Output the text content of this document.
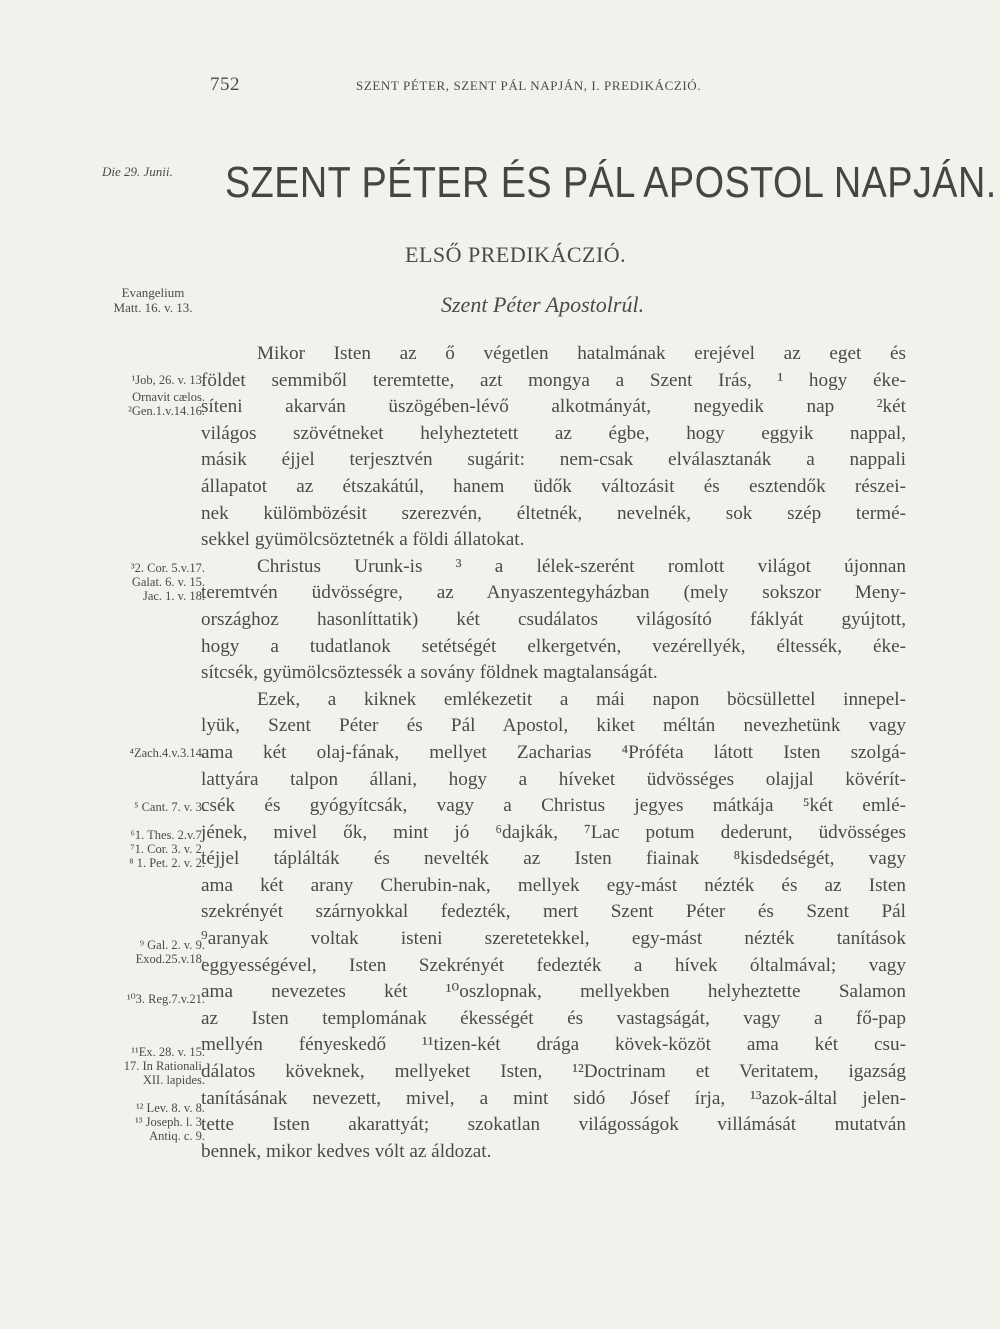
752	SZENT PÉTER, SZENT PÁL NAPJÁN, I. PREDIKÁCZIÓ.
Die 29. Junii. SZENT PÉTER ÉS PÁL APOSTOL NAPJÁN.
ELSŐ PREDIKÁCZIÓ.
Szent Péter Apostolrúl.
Evangelium
Matt. 16. v. 13.
¹Job, 26. v. 13.
Ornavit cælos.
²Gen.1.v.14.16.
³2. Cor. 5.v.17.
Galat. 6. v. 15.
Jac. 1. v. 18.
⁴Zach.4.v.3.14.
⁵ Cant. 7. v. 3.
⁶1. Thes. 2.v.7.
⁷1. Cor. 3. v. 2.
⁸ 1. Pet. 2. v. 2.
⁹ Gal. 2. v. 9.
Exod.25.v.18.
¹⁰3. Reg.7.v.21.
¹¹Ex. 28. v. 15.
17. In Rationali,
XII. lapides.
¹² Lev. 8. v. 8.
¹³ Joseph. l. 3.
Antiq. c. 9.
Mikor Isten az ő végetlen hatalmának erejével az eget és
földet semmiből teremtette, azt mongya a Szent Irás, ¹ hogy éke-
síteni akarván üszögében-lévő alkotmányát, negyedik nap ²két
világos szövétneket helyheztetett az égbe, hogy eggyik nappal,
másik éjjel terjesztvén sugárit: nem-csak elválasztanák a nappali
állapatot az étszakátúl, hanem üdők változásit és esztendők részei-
nek külömbözésit szerezvén, éltetnék, nevelnék, sok szép termé-
sekkel gyümölcsöztetnék a földi állatokat.
Christus Urunk-is ³ a lélek-szerént romlott világot újonnan
teremtvén üdvösségre, az Anyaszentegyházban (mely sokszor Meny-
országhoz hasonlíttatik) két csudálatos világosító fáklyát gyújtott,
hogy a tudatlanok setétségét elkergetvén, vezérellyék, éltessék, éke-
sítcsék, gyümölcsöztessék a sovány földnek magtalanságát.
Ezek, a kiknek emlékezetit a mái napon böcsüllettel innepel-
lyük, Szent Péter és Pál Apostol, kiket méltán nevezhetünk vagy
ama két olaj-fának, mellyet Zacharias ⁴Próféta látott Isten szolgá-
lattyára talpon állani, hogy a híveket üdvösséges olajjal kövérít-
csék és gyógyítcsák, vagy a Christus jegyes mátkája ⁵két emlé-
jének, mivel ők, mint jó ⁶dajkák, ⁷Lac potum dederunt, üdvösséges
téjjel táplálták és nevelték az Isten fiainak ⁸kisdedségét, vagy
ama két arany Cherubin-nak, mellyek egy-mást nézték és az Isten
szekrényét szárnyokkal fedezték, mert Szent Péter és Szent Pál
⁹aranyak voltak isteni szeretetekkel, egy-mást nézték tanítások
eggyességével, Isten Szekrényét fedezték a hívek óltalmával; vagy
ama nevezetes két ¹⁰oszlopnak, mellyekben helyheztette Salamon
az Isten templomának ékességét és vastagságát, vagy a fő-pap
mellyén fényeskedő ¹¹tizen-két drága kövek-közöt ama két csu-
dálatos köveknek, mellyeket Isten, ¹²Doctrinam et Veritatem, igazság
tanításának nevezett, mivel, a mint sidó Jósef írja, ¹³azok-által jelen-
tette Isten akarattyát; szokatlan világosságok villámását mutatván
bennek, mikor kedves vólt az áldozat.
